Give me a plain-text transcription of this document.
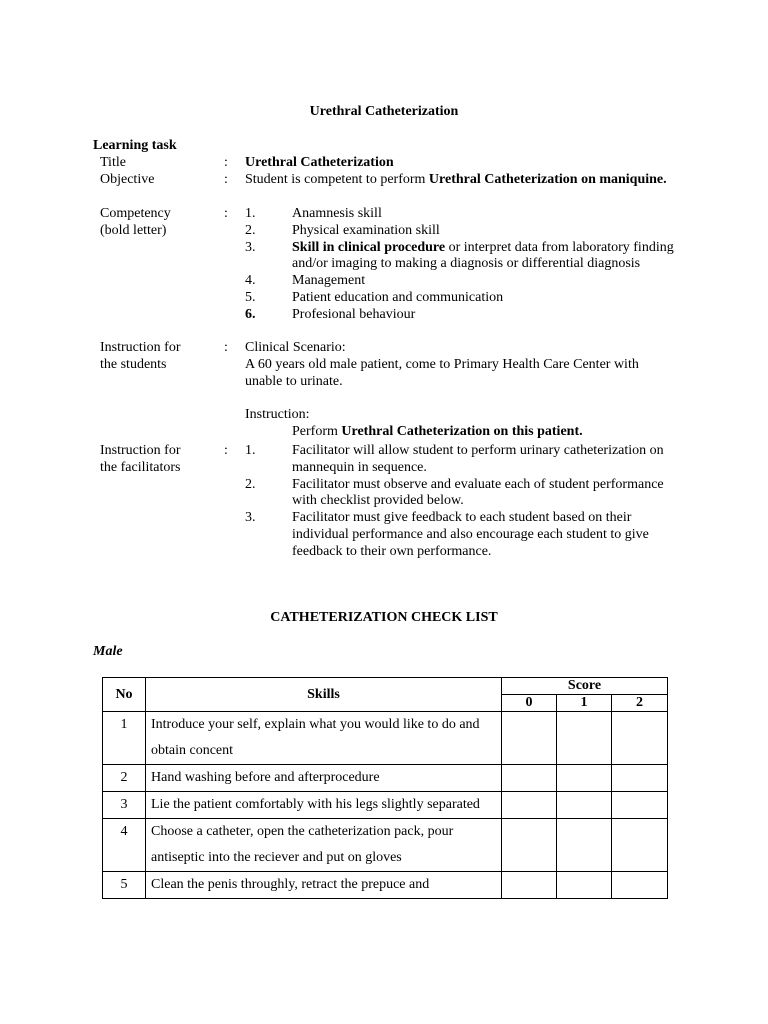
Urethral Catheterization
Learning task
Title	: Urethral Catheterization
Objective	: Student is competent to perform Urethral Catheterization on maniquine.
Competency
(bold letter)
: 1.	Anamnesis skill
2.	Physical examination skill
3.	Skill in clinical procedure or interpret data from laboratory finding and/or imaging to making a diagnosis or differential diagnosis
4.	Management
5.	Patient education and communication
6.	Profesional behaviour
Instruction for
the students
: Clinical Scenario:
A 60 years old male patient, come to Primary Health Care Center with unable to urinate.
Instruction:
Perform Urethral Catheterization on this patient.
Instruction for
the facilitators
: 1.	Facilitator will allow student to perform urinary catheterization on mannequin in sequence.
2.	Facilitator must observe and evaluate each of student performance with checklist provided below.
3.	Facilitator must give feedback to each student based on their individual performance and also encourage each student to give feedback to their own performance.
CATHETERIZATION CHECK LIST
Male
No	Skills	Score		
		0	1	2
1	Introduce your self, explain what you would like to do and obtain concent			
2	Hand washing before and afterprocedure			
3	Lie the patient comfortably with his legs slightly separated			
4	Choose a catheter, open the catheterization pack, pour antiseptic into the reciever and put on gloves			
5	Clean the penis throughly, retract the prepuce and			
